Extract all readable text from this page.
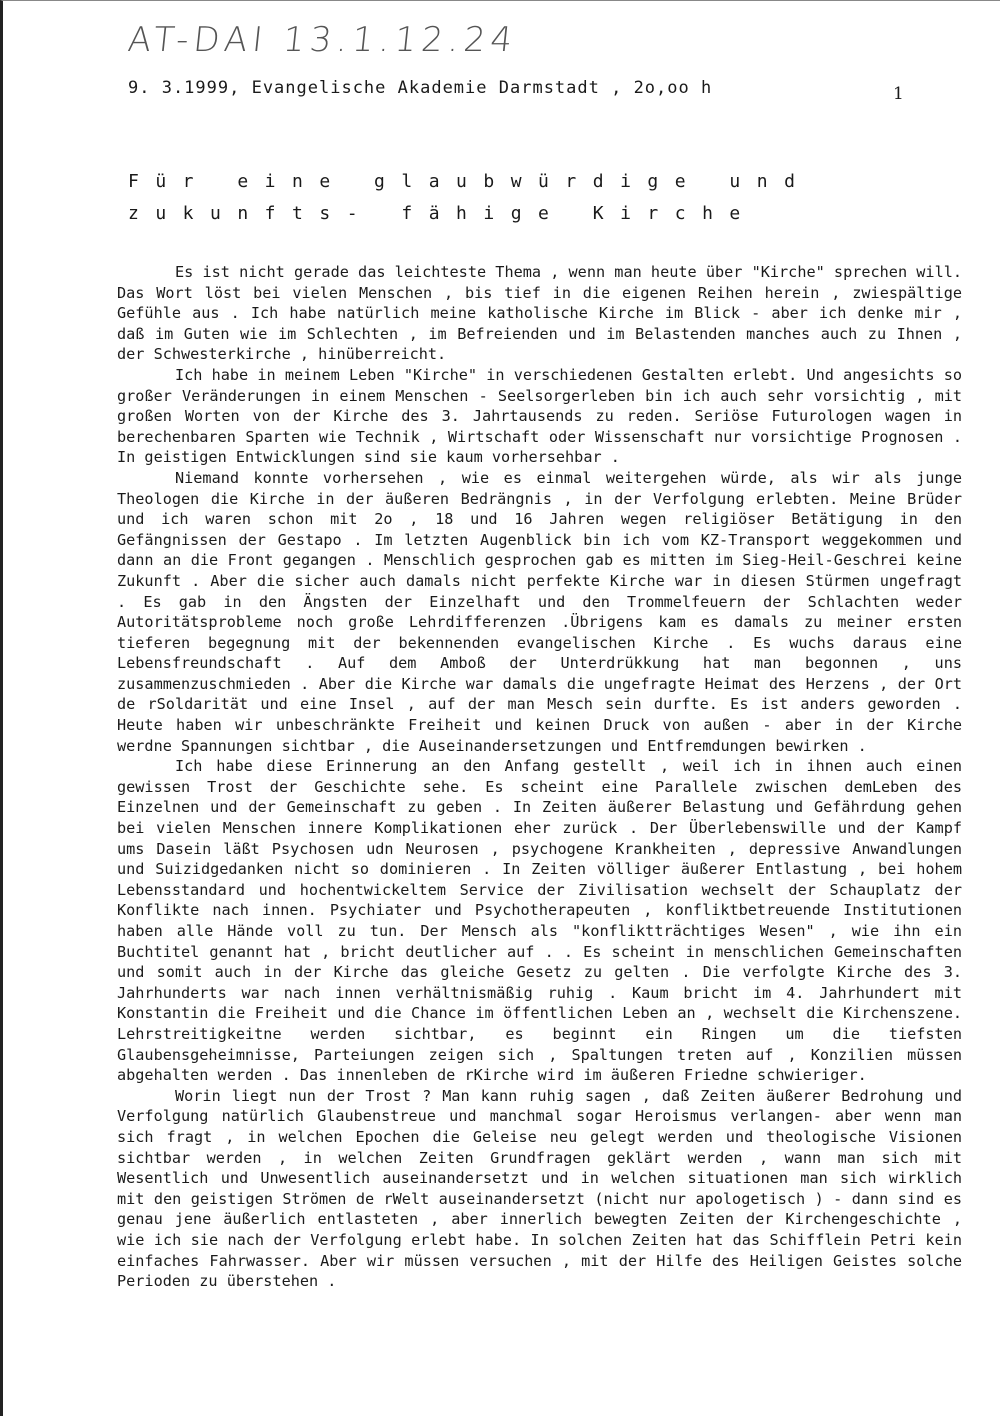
AT-DAI 13.1.12.24
9. 3.1999, Evangelische Akademie Darmstadt , 2o,oo h	1
Für eine glaubwürdige und zukunfts- fähige Kirche

Es ist nicht gerade das leichteste Thema , wenn man heute über "Kirche" sprechen will. Das Wort löst bei vielen Menschen , bis tief in die eigenen Reihen herein , zwiespältige Gefühle aus . Ich habe natürlich meine katholische Kirche im Blick - aber ich denke mir , daß im Guten wie im Schlechten , im Befreienden und im Belastenden manches auch zu Ihnen , der Schwesterkirche , hinüberreicht.

Ich habe in meinem Leben "Kirche" in verschiedenen Gestalten erlebt. Und angesichts so großer Veränderungen in einem Menschen - Seelsorgerleben bin ich auch sehr vorsichtig , mit großen Worten von der Kirche des 3. Jahrtausends zu reden. Seriöse Futurologen wagen in berechenbaren Sparten wie Technik , Wirtschaft oder Wissenschaft nur vorsichtige Prognosen . In geistigen Entwicklungen sind sie kaum vorhersehbar .

Niemand konnte vorhersehen , wie es einmal weitergehen würde, als wir als junge Theologen die Kirche in der äußeren Bedrängnis , in der Verfolgung erlebten. Meine Brüder und ich waren schon mit 2o , 18 und 16 Jahren wegen religiöser Betätigung in den Gefängnissen der Gestapo . Im letzten Augenblick bin ich vom KZ-Transport weggekommen und dann an die Front gegangen . Menschlich gesprochen gab es mitten im Sieg-Heil-Geschrei keine Zukunft . Aber die sicher auch damals nicht perfekte Kirche war in diesen Stürmen ungefragt . Es gab in den Ängsten der Einzelhaft und den Trommelfeuern der Schlachten weder Autoritätsprobleme noch große Lehrdifferenzen .Übrigens kam es damals zu meiner ersten tieferen begegnung mit der bekennenden evangelischen Kirche . Es wuchs daraus eine Lebensfreundschaft . Auf dem Amboß der Unterdrükkung hat man begonnen , uns zusammenzuschmieden . Aber die Kirche war damals die ungefragte Heimat des Herzens , der Ort de rSoldarität und eine Insel , auf der man Mesch sein durfte. Es ist anders geworden . Heute haben wir unbeschränkte Freiheit und keinen Druck von außen - aber in der Kirche werdne Spannungen sichtbar , die Auseinandersetzungen und Entfremdungen bewirken .

Ich habe diese Erinnerung an den Anfang gestellt , weil ich in ihnen auch einen gewissen Trost der Geschichte sehe. Es scheint eine Parallele zwischen demLeben des Einzelnen und der Gemeinschaft zu geben . In Zeiten äußerer Belastung und Gefährdung gehen bei vielen Menschen innere Komplikationen eher zurück . Der Überlebenswille und der Kampf ums Dasein läßt Psychosen udn Neurosen , psychogene Krankheiten , depressive Anwandlungen und Suizidgedanken nicht so dominieren . In Zeiten völliger äußerer Entlastung , bei hohem Lebensstandard und hochentwickeltem Service der Zivilisation wechselt der Schauplatz der Konflikte nach innen. Psychiater und Psychotherapeuten , konfliktbetreuende Institutionen haben alle Hände voll zu tun. Der Mensch als "konfliktträchtiges Wesen" , wie ihn ein Buchtitel genannt hat , bricht deutlicher auf . . Es scheint in menschlichen Gemeinschaften und somit auch in der Kirche das gleiche Gesetz zu gelten . Die verfolgte Kirche des 3. Jahrhunderts war nach innen verhältnismäßig ruhig . Kaum bricht im 4. Jahrhundert mit Konstantin die Freiheit und die Chance im öffentlichen Leben an , wechselt die Kirchenszene. Lehrstreitigkeitne werden sichtbar, es beginnt ein Ringen um die tiefsten Glaubensgeheimnisse, Parteiungen zeigen sich , Spaltungen treten auf , Konzilien müssen abgehalten werden . Das innenleben de rKirche wird im äußeren Friedne schwieriger.

Worin liegt nun der Trost ? Man kann ruhig sagen , daß Zeiten äußerer Bedrohung und Verfolgung natürlich Glaubenstreue und manchmal sogar Heroismus verlangen- aber wenn man sich fragt , in welchen Epochen die Geleise neu gelegt werden und theologische Visionen sichtbar werden , in welchen Zeiten Grundfragen geklärt werden , wann man sich mit Wesentlich und Unwesentlich auseinandersetzt und in welchen situationen man sich wirklich mit den geistigen Strömen de rWelt auseinandersetzt (nicht nur apologetisch ) - dann sind es genau jene äußerlich entlasteten , aber innerlich bewegten Zeiten der Kirchengeschichte , wie ich sie nach der Verfolgung erlebt habe. In solchen Zeiten hat das Schifflein Petri kein einfaches Fahrwasser. Aber wir müssen versuchen , mit der Hilfe des Heiligen Geistes solche Perioden zu überstehen .
